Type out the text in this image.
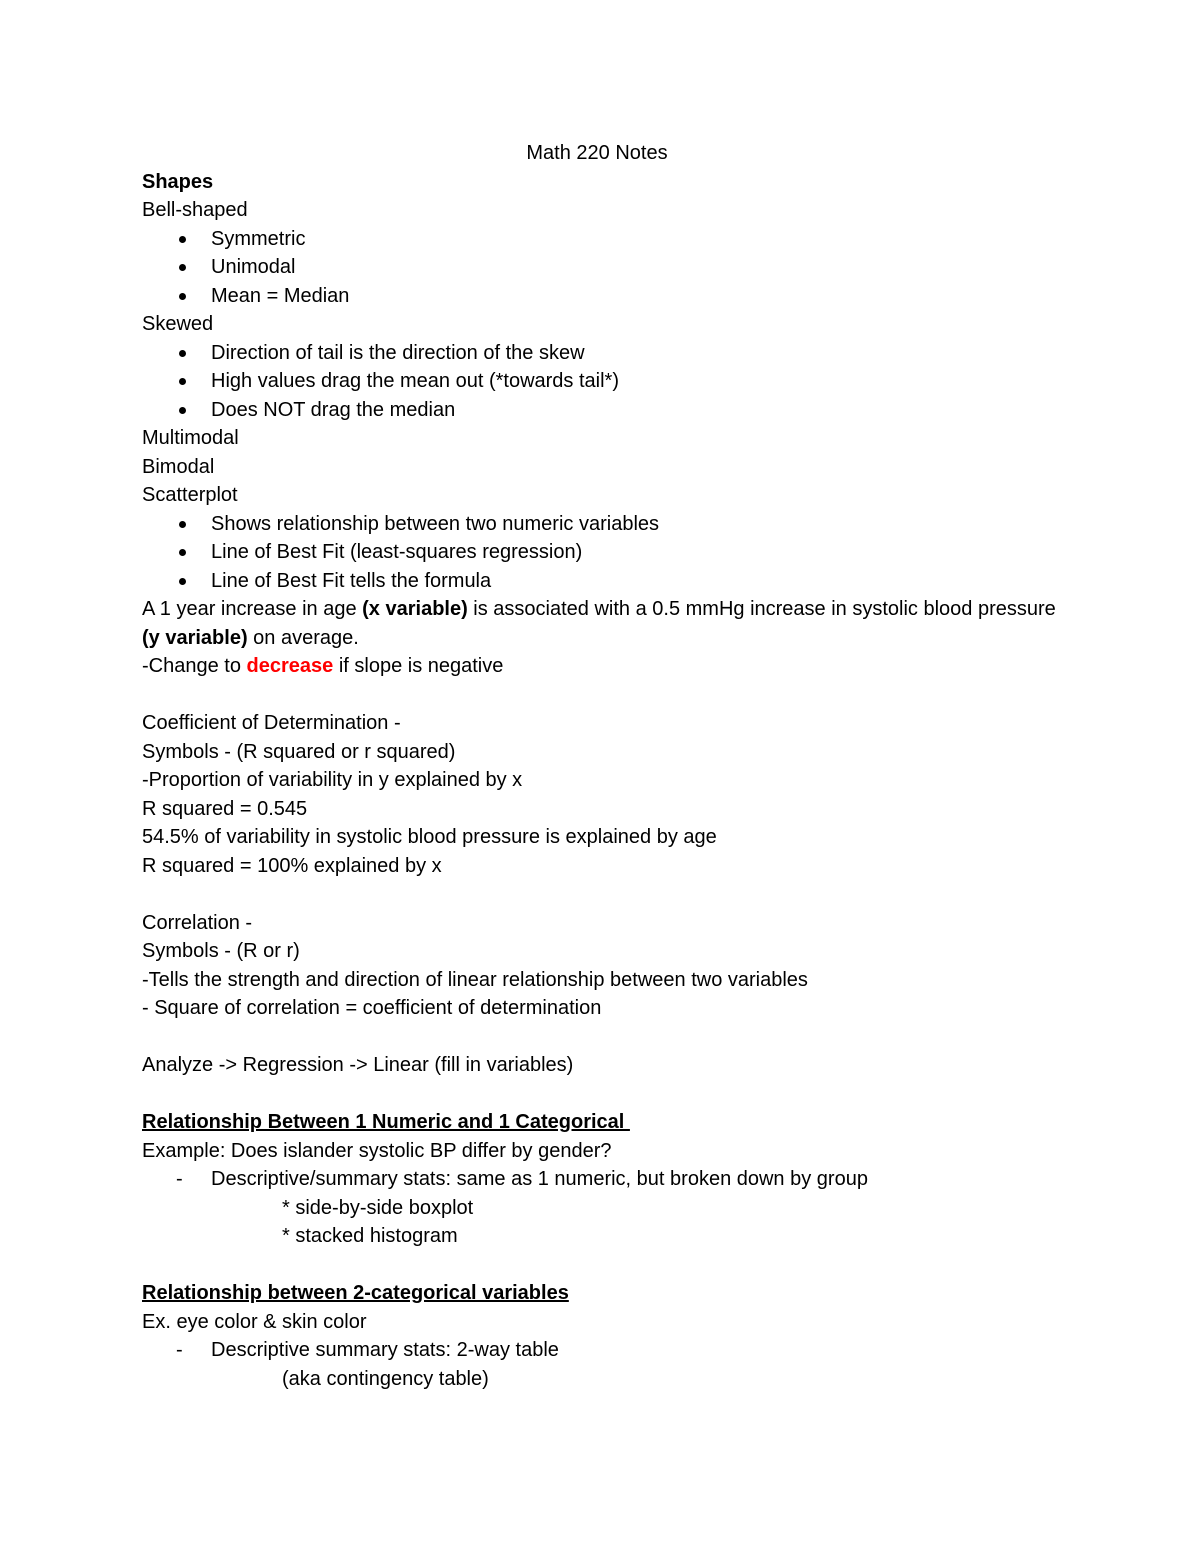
Math 220 Notes
Shapes
Bell-shaped
Symmetric
Unimodal
Mean = Median
Skewed
Direction of tail is the direction of the skew
High values drag the mean out (*towards tail*)
Does NOT drag the median
Multimodal
Bimodal
Scatterplot
Shows relationship between two numeric variables
Line of Best Fit (least-squares regression)
Line of Best Fit tells the formula
A 1 year increase in age (x variable) is associated with a 0.5 mmHg increase in systolic blood pressure (y variable) on average.
-Change to decrease if slope is negative
Coefficient of Determination -
Symbols - (R squared or r squared)
-Proportion of variability in y explained by x
R squared = 0.545
54.5% of variability in systolic blood pressure is explained by age
R squared = 100% explained by x
Correlation -
Symbols - (R or r)
-Tells the strength and direction of linear relationship between two variables
- Square of correlation = coefficient of determination
Analyze -> Regression -> Linear (fill in variables)
Relationship Between 1 Numeric and 1 Categorical
Example: Does islander systolic BP differ by gender?
- Descriptive/summary stats: same as 1 numeric, but broken down by group
* side-by-side boxplot
* stacked histogram
Relationship between 2-categorical variables
Ex. eye color & skin color
- Descriptive summary stats: 2-way table
(aka contingency table)
